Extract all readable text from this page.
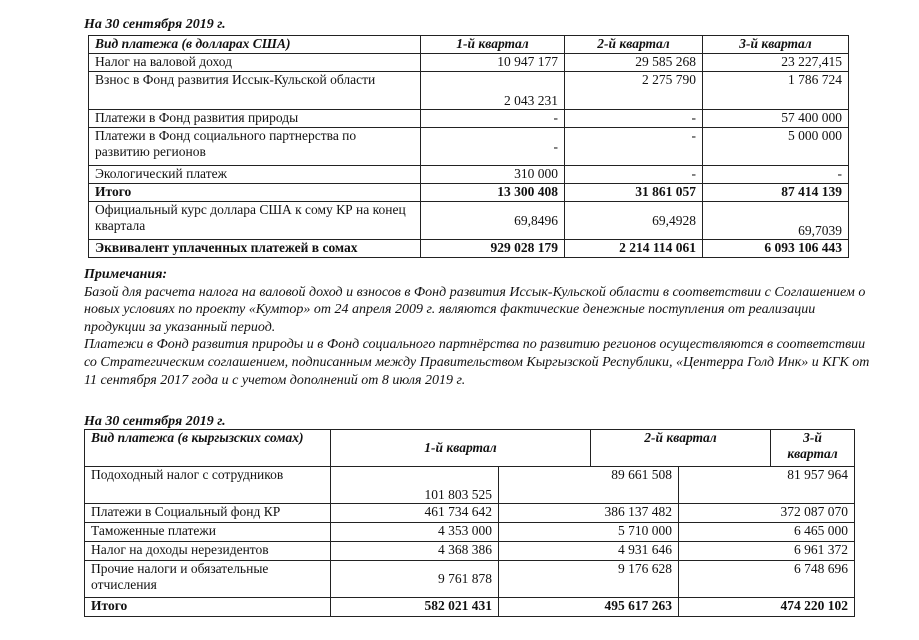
На 30 сентября 2019 г.
Вид платежа (в долларах США)	1-й квартал	2-й квартал	3-й квартал
Налог на валовой доход	10 947 177	29 585 268	23 227,415
Взнос в Фонд развития Иссык-Кульской области	2 043 231	2 275 790	1 786 724
Платежи в Фонд развития природы	-	-	57 400 000
Платежи в Фонд социального партнерства по развитию регионов	-	-	5 000 000
Экологический платеж	310 000	-	-
Итого	13 300 408	31 861 057	87 414 139
Официальный курс доллара США к сому КР на конец квартала	69,8496	69,4928	69,7039
Эквивалент уплаченных платежей в сомах	929 028 179	2 214 114 061	6 093 106 443

Примечания:

Базой для расчета налога на валовой доход и взносов в Фонд развития Иссык-Кульской области в соответствии с Соглашением о новых условиях по проекту «Кумтор» от 24 апреля 2009 г. являются фактические денежные поступления от реализации продукции за указанный период.

Платежи в Фонд развития природы и в Фонд социального партнёрства по развитию регионов осуществляются в соответствии со Стратегическим соглашением, подписанным между Правительством Кыргызской Республики, «Центерра Голд Инк» и КГК от 11 сентября 2017 года и с учетом дополнений от 8 июля 2019 г.

На 30 сентября 2019 г.
Вид платежа (в кыргызских сомах)	1-й квартал	2-й квартал	3-й квартал
Подоходный налог с сотрудников	101 803 525	89 661 508	81 957 964
Платежи в Социальный фонд КР	461 734 642	386 137 482	372 087 070
Таможенные платежи	4 353 000	5 710 000	6 465 000
Налог на доходы нерезидентов	4 368 386	4 931 646	6 961 372
Прочие налоги и обязательные отчисления	9 761 878	9 176 628	6 748 696
Итого	582 021 431	495 617 263	474 220 102
